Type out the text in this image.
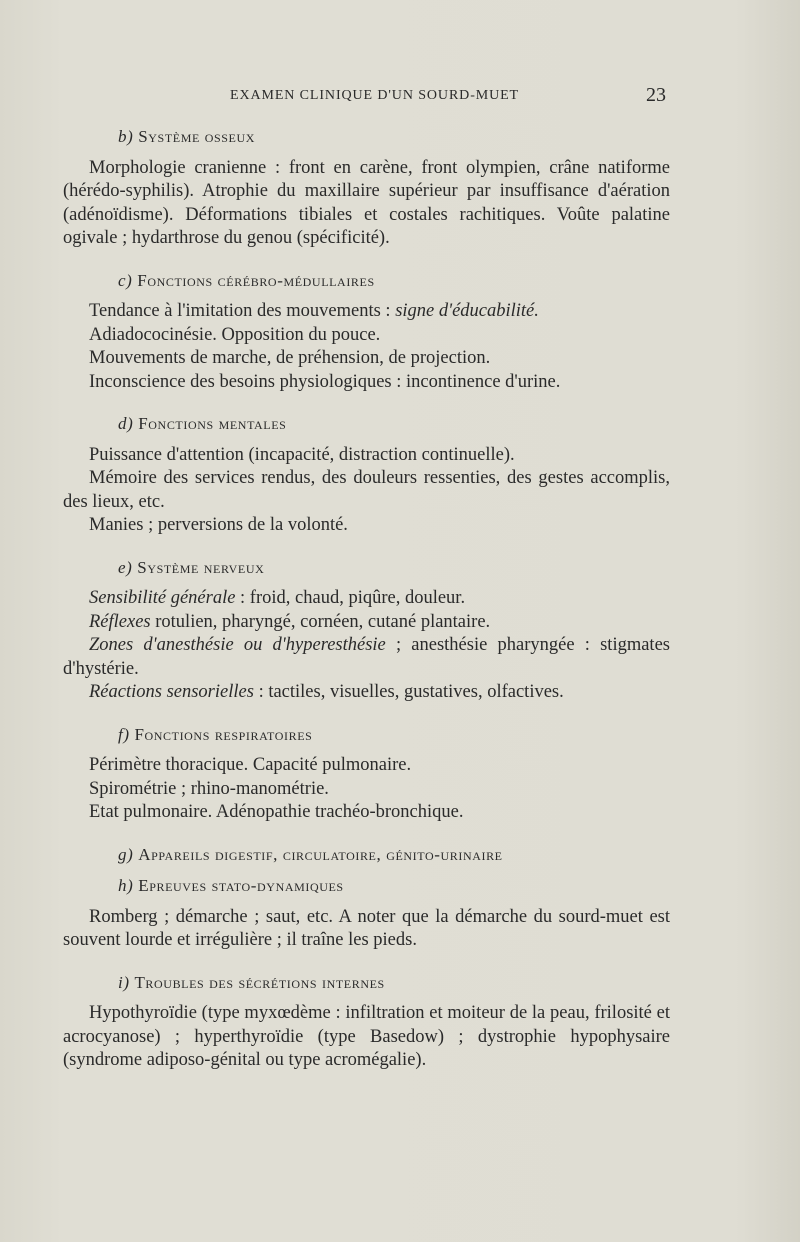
EXAMEN CLINIQUE D'UN SOURD-MUET	23
b) Système osseux

Morphologie cranienne : front en carène, front olympien, crâne natiforme (hérédo-syphilis). Atrophie du maxillaire supérieur par insuffisance d'aération (adénoïdisme). Déformations tibiales et costales rachitiques. Voûte palatine ogivale ; hydarthrose du genou (spécificité).

c) Fonctions cérébro-médullaires

Tendance à l'imitation des mouvements : signe d'éducabilité.

Adiadococinésie. Opposition du pouce.

Mouvements de marche, de préhension, de projection.

Inconscience des besoins physiologiques : incontinence d'urine.

d) Fonctions mentales

Puissance d'attention (incapacité, distraction continuelle).

Mémoire des services rendus, des douleurs ressenties, des gestes accomplis, des lieux, etc.

Manies ; perversions de la volonté.

e) Système nerveux

Sensibilité générale : froid, chaud, piqûre, douleur.

Réflexes rotulien, pharyngé, cornéen, cutané plantaire.

Zones d'anesthésie ou d'hyperesthésie ; anesthésie pharyngée : stigmates d'hystérie.

Réactions sensorielles : tactiles, visuelles, gustatives, olfactives.

f) Fonctions respiratoires

Périmètre thoracique. Capacité pulmonaire.

Spirométrie ; rhino-manométrie.

Etat pulmonaire. Adénopathie trachéo-bronchique.

g) Appareils digestif, circulatoire, génito-urinaire
h) Epreuves stato-dynamiques

Romberg ; démarche ; saut, etc. A noter que la démarche du sourd-muet est souvent lourde et irrégulière ; il traîne les pieds.

i) Troubles des sécrétions internes

Hypothyroïdie (type myxœdème : infiltration et moiteur de la peau, frilosité et acrocyanose) ; hyperthyroïdie (type Basedow) ; dystrophie hypophysaire (syndrome adiposo-génital ou type acromégalie).
